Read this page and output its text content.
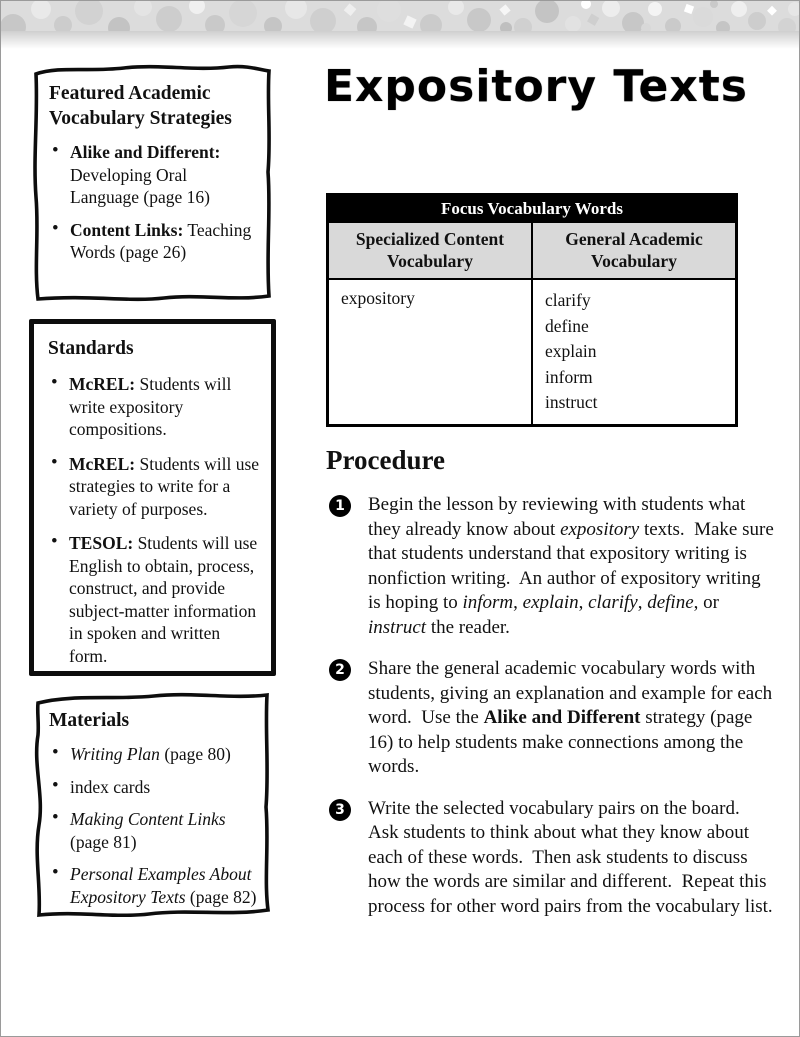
Featured Academic Vocabulary Strategies
• Alike and Different: Developing Oral Language (page 16)
• Content Links: Teaching Words (page 26)
Standards
• McREL: Students will write expository compositions.
• McREL: Students will use strategies to write for a variety of purposes.
• TESOL: Students will use English to obtain, process, construct, and provide subject-matter information in spoken and written form.
Materials
• Writing Plan (page 80)
• index cards
• Making Content Links (page 81)
• Personal Examples About Expository Texts (page 82)
Expository Texts
Focus Vocabulary Words
Specialized Content Vocabulary
General Academic Vocabulary
expository	clarify
define
explain
inform
instruct
Procedure
1	Begin the lesson by reviewing with students what they already know about expository texts.  Make sure that students understand that expository writing is nonfiction writing.  An author of expository writing is hoping to inform, explain, clarify, define, or instruct the reader.
2	Share the general academic vocabulary words with students, giving an explanation and example for each word.  Use the Alike and Different strategy (page 16) to help students make connections among the words.
3	Write the selected vocabulary pairs on the board.  Ask students to think about what they know about each of these words.  Then ask students to discuss how the words are similar and different.  Repeat this process for other word pairs from the vocabulary list.
